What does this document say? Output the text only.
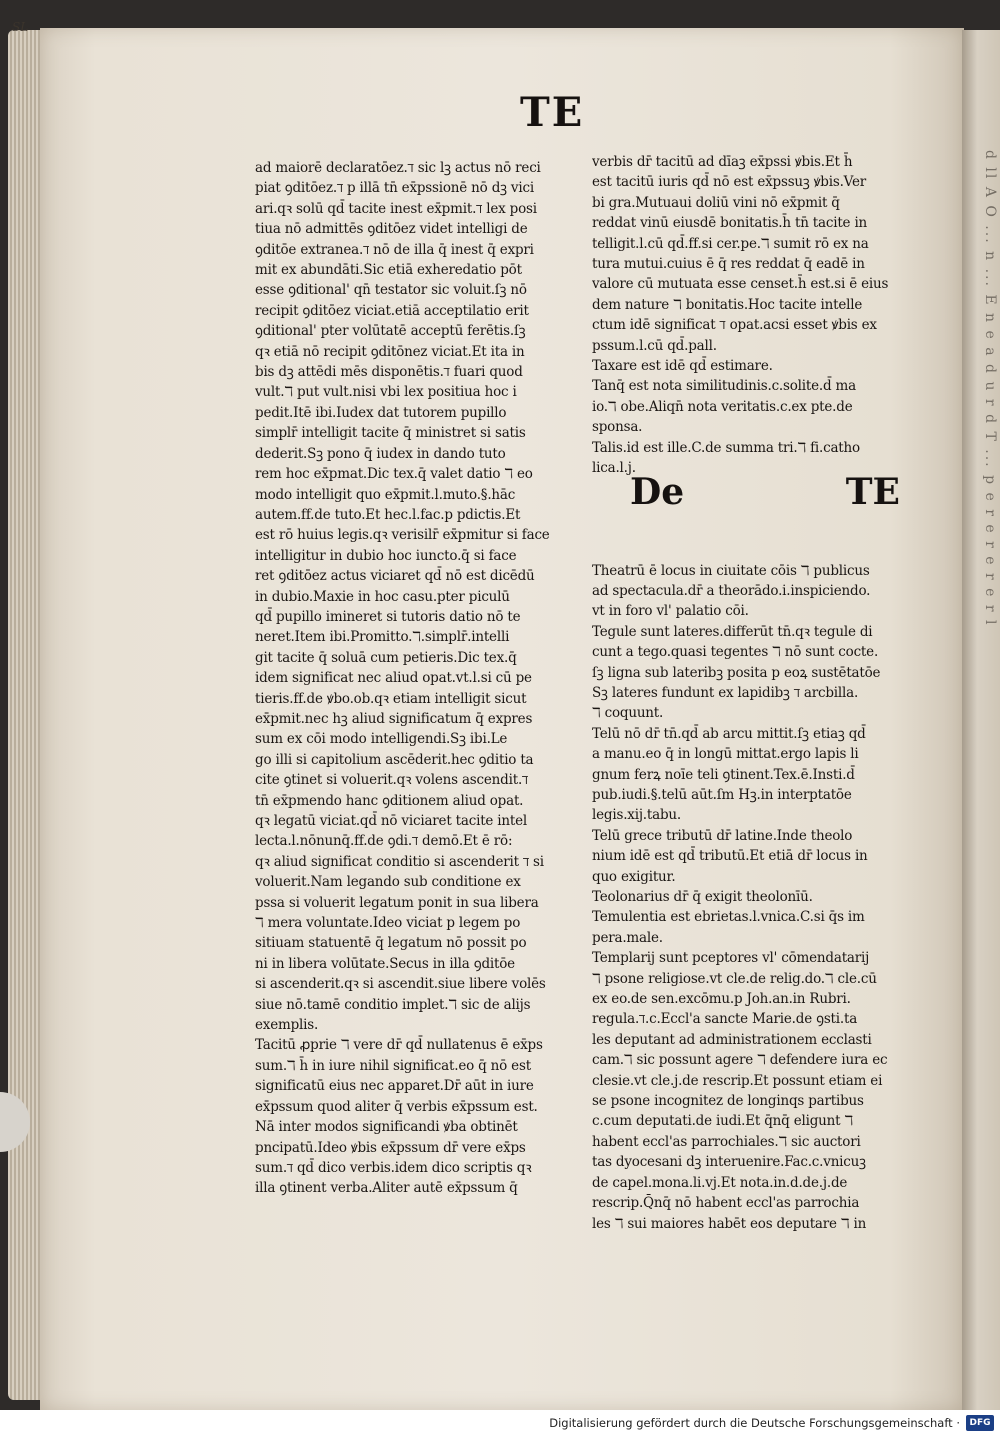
d ll A O ... n ... E n e a d u r d T ... p e r e r e r e r l
SL
TE
ad maiorē declaratōez.ℸ sic lꝫ actus nō reci
piat ꝯditōez.ℸ p illā tn̄ ex̄pssionē nō dꝫ vici
ari.qꝛ solū qd̄ tacite inest ex̄pmit.ℸ lex posi
tiua nō admittēs ꝯditōez videt intelligi de
ꝯditōe extranea.ℸ nō de illa q̄ inest q̄ expri
mit ex abundāti.Sic etiā exheredatio pōt
esse ꝯditional' qn̄ testator sic voluit.ſꝫ nō
recipit ꝯditōez viciat.etiā acceptilatio erit
ꝯditional' pter volūtatē acceptū ferētis.ſꝫ
qꝛ etiā nō recipit ꝯditōnez viciat.Et ita in
bis dꝫ attēdi mēs disponētis.ℸ fuari quod
vult.ℸ put vult.nisi vbi lex positiua hoc i
pedit.Itē ibi.Iudex dat tutorem pupillo
simplr̄ intelligit tacite q̄ ministret si satis
dederit.Sꝫ pono q̄ iudex in dando tuto
rem hoc ex̄pmat.Dic tex.q̄ valet datio ℸ eo
modo intelligit quo ex̄pmit.l.muto.§.hāc
autem.ff.de tuto.Et hec.l.fac.p pdictis.Et
est rō huius legis.qꝛ verisilr̄ ex̄pmitur si face
intelligitur in dubio hoc iuncto.q̄ si face
ret ꝯditōez actus viciaret qd̄ nō est dicēdū
in dubio.Maxie in hoc casu.pter piculū
qd̄ pupillo imineret si tutoris datio nō te
neret.Item ibi.Promitto.ℸ.simplr̄.intelli
git tacite q̄ soluā cum petieris.Dic tex.q̄
idem significat nec aliud opat.vt.l.si cū pe
tieris.ff.de ꝟbo.ob.qꝛ etiam intelligit sicut
ex̄pmit.nec hꝫ aliud significatum q̄ expres
sum ex cōi modo intelligendi.Sꝫ ibi.Le
go illi si capitolium ascēderit.hec ꝯditio ta
cite ꝯtinet si voluerit.qꝛ volens ascendit.ℸ
tn̄ ex̄pmendo hanc ꝯditionem aliud opat.
qꝛ legatū viciat.qd̄ nō viciaret tacite intel
lecta.l.nōnunq̄.ff.de ꝯdi.ℸ demō.Et ē rō:
qꝛ aliud significat conditio si ascenderit ℸ si
voluerit.Nam legando sub conditione ex
pssa si voluerit legatum ponit in sua libera
ℸ mera voluntate.Ideo viciat p legem po
sitiuam statuentē q̄ legatum nō possit po
ni in libera volūtate.Secus in illa ꝯditōe
si ascenderit.qꝛ si ascendit.siue libere volēs
siue nō.tamē conditio implet.ℸ sic de alijs
exemplis.
Tacitū ꝓprie ℸ vere dr̄ qd̄ nullatenus ē ex̄ps
sum.ℸ h̄ in iure nihil significat.eo q̄ nō est
significatū eius nec apparet.Dr̄ aūt in iure
ex̄pssum quod aliter q̄ verbis ex̄pssum est.
Nā inter modos significandi ꝟba obtinēt
pncipatū.Ideo ꝟbis ex̄pssum dr̄ vere ex̄ps
sum.ℸ qd̄ dico verbis.idem dico scriptis qꝛ
illa ꝯtinent verba.Aliter autē ex̄pssum q̄
verbis dr̄ tacitū ad dīaꝫ ex̄pssi ꝟbis.Et h̄
est tacitū iuris qd̄ nō est ex̄pssuꝫ ꝟbis.Ver
bi gra.Mutuaui doliū vini nō ex̄pmit q̄
reddat vinū eiusdē bonitatis.h̄ tn̄ tacite in
telligit.l.cū qd̄.ff.si cer.pe.ℸ sumit rō ex na
tura mutui.cuius ē q̄ res reddat q̄ eadē in
valore cū mutuata esse censet.h̄ est.si ē eius
dem nature ℸ bonitatis.Hoc tacite intelle
ctum idē significat ℸ opat.acsi esset ꝟbis ex
pssum.l.cū qd̄.pall.
Taxare est idē qd̄ estimare.
Tanq̄ est nota similitudinis.c.solite.d̄ ma
io.ℸ obe.Aliqn̄ nota veritatis.c.ex pte.de
sponsa.
Talis.id est ille.C.de summa tri.ℸ fi.catho
lica.l.j.
Theatrū ē locus in ciuitate cōis ℸ publicus
ad spectacula.dr̄ a theorādo.i.inspiciendo.
vt in foro vl' palatio cōi.
Tegule sunt lateres.differūt tn̄.qꝛ tegule di
cunt a tego.quasi tegentes ℸ nō sunt cocte.
ſꝫ ligna sub lateribꝫ posita p eoꝝ sustētatōe
Sꝫ lateres fundunt ex lapidibꝫ ℸ arcbilla.
ℸ coquunt.
Telū nō dr̄ tn̄.qd̄ ab arcu mittit.ſꝫ etiaꝫ qd̄
a manu.eo q̄ in longū mittat.ergo lapis li
gnum ferꝝ noīe teli ꝯtinent.Tex.ē.Insti.d̄
pub.iudi.§.telū aūt.ſm Hꝫ.in interptatōe
legis.xij.tabu.
Telū grece tributū dr̄ latine.Inde theolo
nium idē est qd̄ tributū.Et etiā dr̄ locus in
quo exigitur.
Teolonarius dr̄ q̄ exigit theolonīū.
Temulentia est ebrietas.l.vnica.C.si q̄s im
pera.male.
Templarij sunt pceptores vl' cōmendatarij
ℸ psone religiose.vt cle.de relig.do.ℸ cle.cū
ex eo.de sen.excōmu.p Joh.an.in Rubri.
regula.ℸ.c.Eccl'a sancte Marie.de ꝯsti.ta
les deputant ad administrationem ecclasti
cam.ℸ sic possunt agere ℸ defendere iura ec
clesie.vt cle.j.de rescrip.Et possunt etiam ei
se psone incognitez de longinqs partibus
c.cum deputati.de iudi.Et q̄nq̄ eligunt ℸ
habent eccl'as parrochiales.ℸ sic auctori
tas dyocesani dꝫ interuenire.Fac.c.vnicuꝫ
de capel.mona.li.vj.Et nota.in.d.de.j.de
rescrip.Q̄nq̄ nō habent eccl'as parrochia
les ℸ sui maiores habēt eos deputare ℸ in
De	TE
Digitalisierung gefördert durch die Deutsche Forschungsgemeinschaft ·	DFG
